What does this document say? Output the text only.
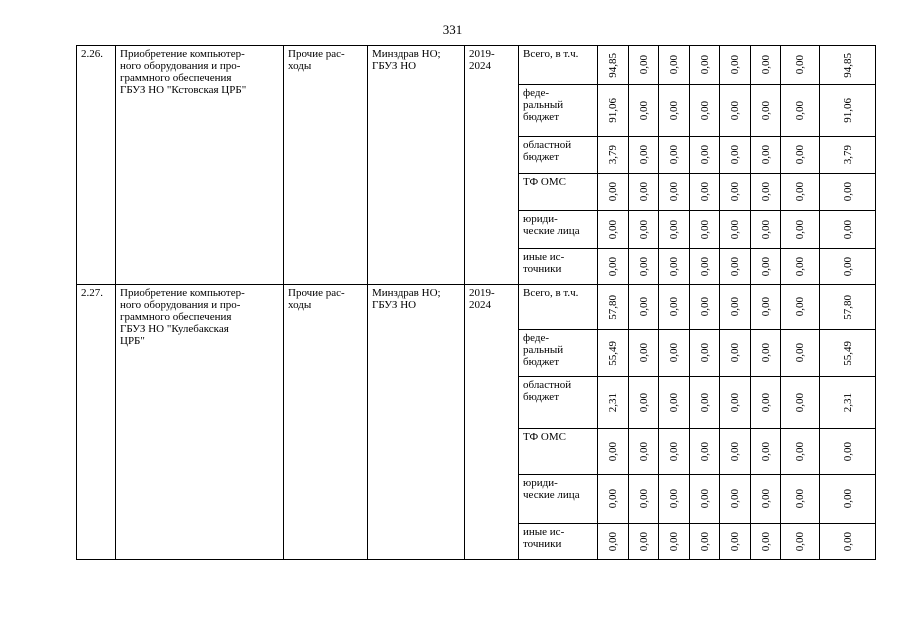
331
2.26.	Приобретение компьютер-
ного оборудования и про-
граммного обеспечения
ГБУЗ НО "Кстовская ЦРБ"	Прочие рас-
ходы	Минздрав НО;
ГБУЗ НО	2019-
2024	Всего, в т.ч.	94,85	0,00	0,00	0,00	0,00	0,00	0,00	94,85

					феде-
ральный
бюджет	91,06	0,00	0,00	0,00	0,00	0,00	0,00	91,06

					областной
бюджет	3,79	0,00	0,00	0,00	0,00	0,00	0,00	3,79

					ТФ ОМС	0,00	0,00	0,00	0,00	0,00	0,00	0,00	0,00

					юриди-
ческие лица	0,00	0,00	0,00	0,00	0,00	0,00	0,00	0,00

					иные ис-
точники	0,00	0,00	0,00	0,00	0,00	0,00	0,00	0,00

2.27.	Приобретение компьютер-
ного оборудования и про-
граммного обеспечения
ГБУЗ НО "Кулебакская
ЦРБ"	Прочие рас-
ходы	Минздрав НО;
ГБУЗ НО	2019-
2024	Всего, в т.ч.	57,80	0,00	0,00	0,00	0,00	0,00	0,00	57,80

					феде-
ральный
бюджет	55,49	0,00	0,00	0,00	0,00	0,00	0,00	55,49

					областной
бюджет	2,31	0,00	0,00	0,00	0,00	0,00	0,00	2,31

					ТФ ОМС	0,00	0,00	0,00	0,00	0,00	0,00	0,00	0,00

					юриди-
ческие лица	0,00	0,00	0,00	0,00	0,00	0,00	0,00	0,00

					иные ис-
точники	0,00	0,00	0,00	0,00	0,00	0,00	0,00	0,00
